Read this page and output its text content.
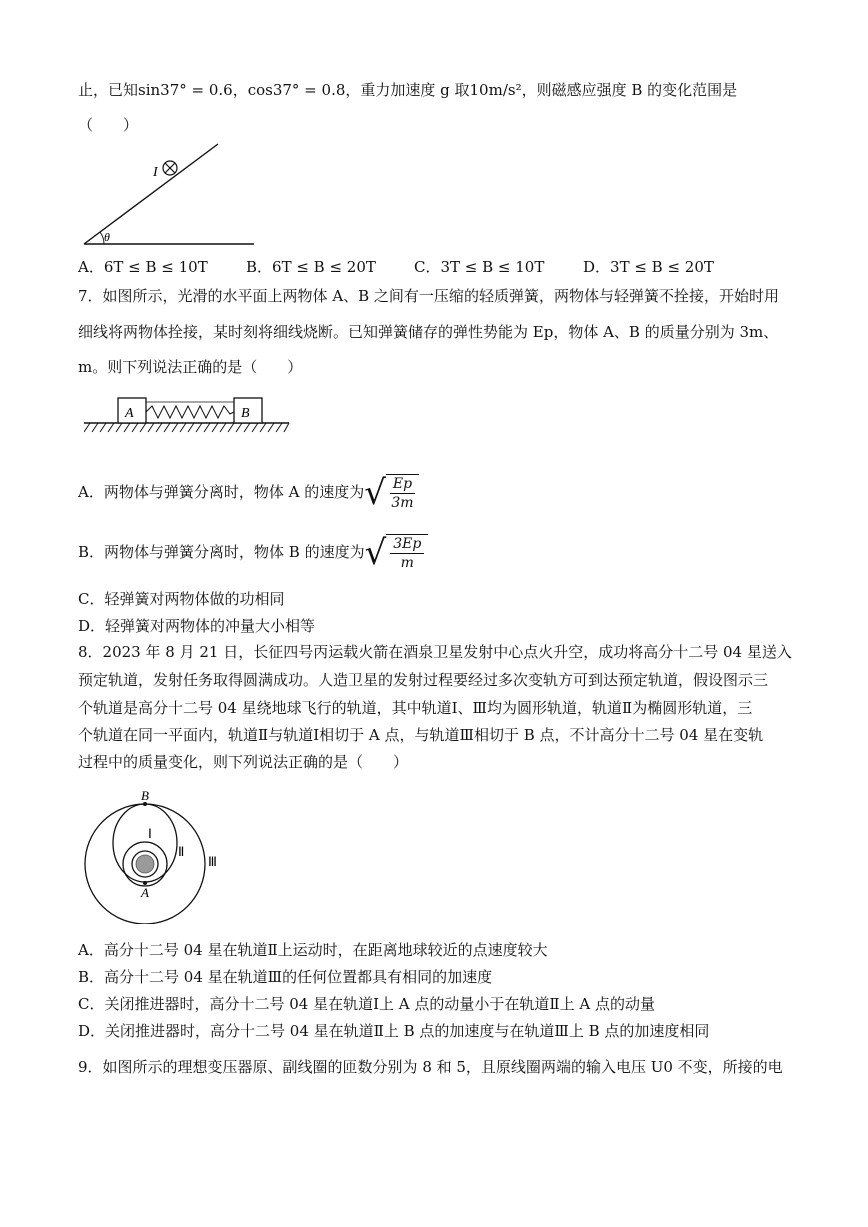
止，已知sin37° = 0.6，cos37° = 0.8，重力加速度 g 取10m/s²，则磁感应强度 B 的变化范围是
（　　）
I
θ
A．6T ≤ B ≤ 10T	B．6T ≤ B ≤ 20T	C．3T ≤ B ≤ 10T	D．3T ≤ B ≤ 20T
7．如图所示，光滑的水平面上两物体 A、B 之间有一压缩的轻质弹簧，两物体与轻弹簧不拴接，开始时用
细线将两物体拴接，某时刻将细线烧断。已知弹簧储存的弹性势能为 Ep，物体 A、B 的质量分别为 3m、
m。则下列说法正确的是（　　）
A	B
A．两物体与弹簧分离时，物体 A 的速度为 √ $\frac{Ep}{3m}$
B．两物体与弹簧分离时，物体 B 的速度为 √ $\frac{3Ep}{m}$
C．轻弹簧对两物体做的功相同
D．轻弹簧对两物体的冲量大小相等
8．2023 年 8 月 21 日，长征四号丙运载火箭在酒泉卫星发射中心点火升空，成功将高分十二号 04 星送入
预定轨道，发射任务取得圆满成功。人造卫星的发射过程要经过多次变轨方可到达预定轨道，假设图示三
个轨道是高分十二号 04 星绕地球飞行的轨道，其中轨道Ⅰ、Ⅲ均为圆形轨道，轨道Ⅱ为椭圆形轨道，三
个轨道在同一平面内，轨道Ⅱ与轨道Ⅰ相切于 A 点，与轨道Ⅲ相切于 B 点，不计高分十二号 04 星在变轨
过程中的质量变化，则下列说法正确的是（　　）
B
A
Ⅰ
Ⅱ
Ⅲ
A．高分十二号 04 星在轨道Ⅱ上运动时，在距离地球较近的点速度较大
B．高分十二号 04 星在轨道Ⅲ的任何位置都具有相同的加速度
C．关闭推进器时，高分十二号 04 星在轨道Ⅰ上 A 点的动量小于在轨道Ⅱ上 A 点的动量
D．关闭推进器时，高分十二号 04 星在轨道Ⅱ上 B 点的加速度与在轨道Ⅲ上 B 点的加速度相同
9．如图所示的理想变压器原、副线圈的匝数分别为 8 和 5，且原线圈两端的输入电压 U0 不变，所接的电
